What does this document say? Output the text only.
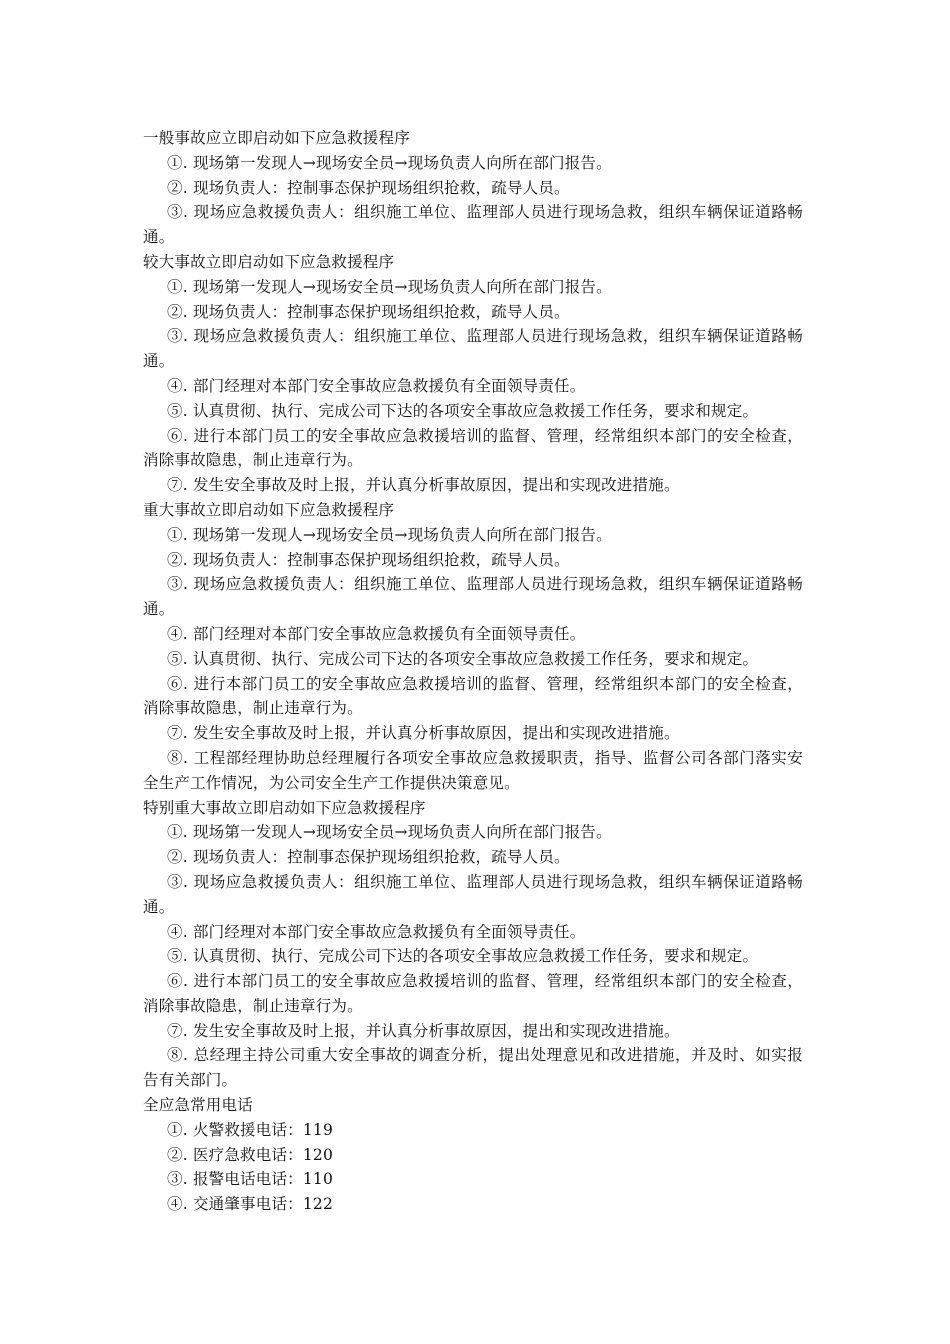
一般事故应立即启动如下应急救援程序

①. 现场第一发现人→现场安全员→现场负责人向所在部门报告。

②. 现场负责人：控制事态保护现场组织抢救，疏导人员。

③. 现场应急救援负责人：组织施工单位、监理部人员进行现场急救，组织车辆保证道路畅通。

较大事故立即启动如下应急救援程序

①. 现场第一发现人→现场安全员→现场负责人向所在部门报告。

②. 现场负责人：控制事态保护现场组织抢救，疏导人员。

③. 现场应急救援负责人：组织施工单位、监理部人员进行现场急救，组织车辆保证道路畅通。

④. 部门经理对本部门安全事故应急救援负有全面领导责任。

⑤. 认真贯彻、执行、完成公司下达的各项安全事故应急救援工作任务，要求和规定。

⑥. 进行本部门员工的安全事故应急救援培训的监督、管理，经常组织本部门的安全检查，消除事故隐患，制止违章行为。

⑦. 发生安全事故及时上报，并认真分析事故原因，提出和实现改进措施。

重大事故立即启动如下应急救援程序

①. 现场第一发现人→现场安全员→现场负责人向所在部门报告。

②. 现场负责人：控制事态保护现场组织抢救，疏导人员。

③. 现场应急救援负责人：组织施工单位、监理部人员进行现场急救，组织车辆保证道路畅通。

④. 部门经理对本部门安全事故应急救援负有全面领导责任。

⑤. 认真贯彻、执行、完成公司下达的各项安全事故应急救援工作任务，要求和规定。

⑥. 进行本部门员工的安全事故应急救援培训的监督、管理，经常组织本部门的安全检查，消除事故隐患，制止违章行为。

⑦. 发生安全事故及时上报，并认真分析事故原因，提出和实现改进措施。

⑧. 工程部经理协助总经理履行各项安全事故应急救援职责，指导、监督公司各部门落实安全生产工作情况，为公司安全生产工作提供决策意见。

特别重大事故立即启动如下应急救援程序

①. 现场第一发现人→现场安全员→现场负责人向所在部门报告。

②. 现场负责人：控制事态保护现场组织抢救，疏导人员。

③. 现场应急救援负责人：组织施工单位、监理部人员进行现场急救，组织车辆保证道路畅通。

④. 部门经理对本部门安全事故应急救援负有全面领导责任。

⑤. 认真贯彻、执行、完成公司下达的各项安全事故应急救援工作任务，要求和规定。

⑥. 进行本部门员工的安全事故应急救援培训的监督、管理，经常组织本部门的安全检查，消除事故隐患，制止违章行为。

⑦. 发生安全事故及时上报，并认真分析事故原因，提出和实现改进措施。

⑧. 总经理主持公司重大安全事故的调查分析，提出处理意见和改进措施，并及时、如实报告有关部门。

全应急常用电话

①. 火警救援电话：119

②. 医疗急救电话：120

③. 报警电话电话：110

④. 交通肇事电话：122
